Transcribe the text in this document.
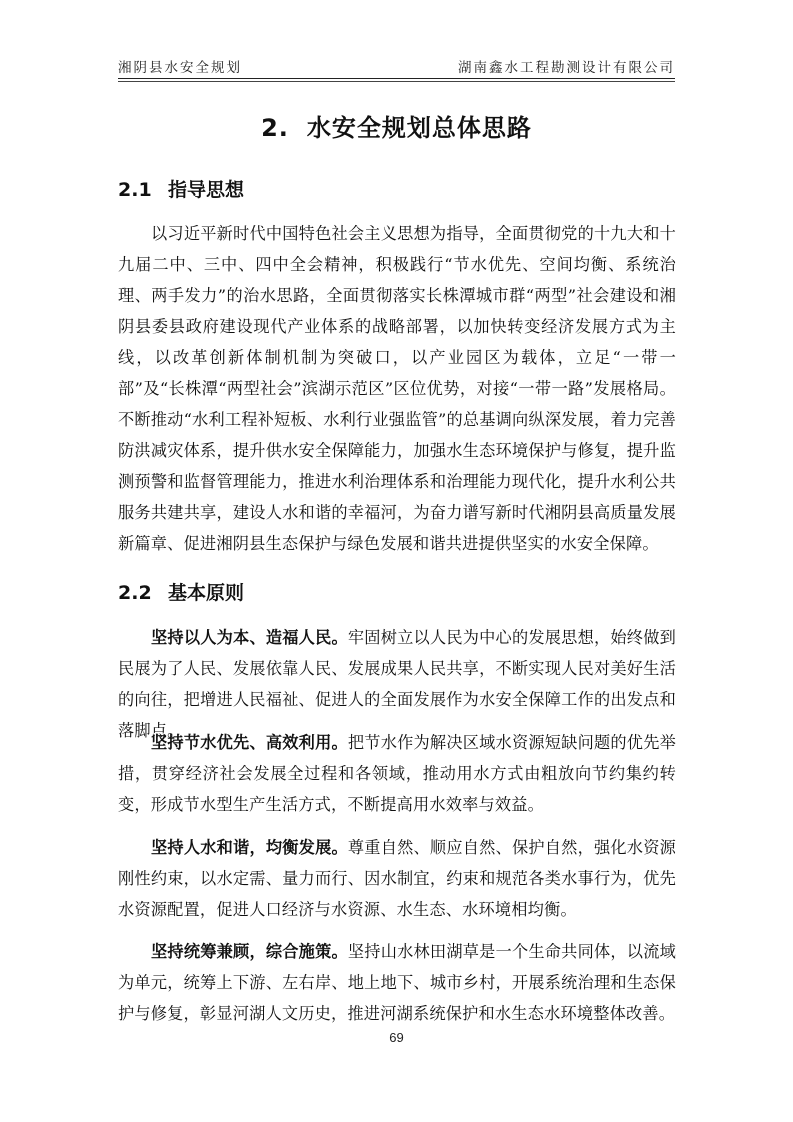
湘阴县水安全规划	湖南鑫水工程勘测设计有限公司
2. 水安全规划总体思路
2.1 指导思想
以习近平新时代中国特色社会主义思想为指导，全面贯彻党的十九大和十九届二中、三中、四中全会精神，积极践行“节水优先、空间均衡、系统治理、两手发力”的治水思路，全面贯彻落实长株潭城市群“两型”社会建设和湘阴县委县政府建设现代产业体系的战略部署，以加快转变经济发展方式为主线，以改革创新体制机制为突破口，以产业园区为载体，立足“一带一部”及“长株潭“两型社会”滨湖示范区”区位优势，对接“一带一路”发展格局。不断推动“水利工程补短板、水利行业强监管”的总基调向纵深发展，着力完善防洪减灾体系，提升供水安全保障能力，加强水生态环境保护与修复，提升监测预警和监督管理能力，推进水利治理体系和治理能力现代化，提升水利公共服务共建共享，建设人水和谐的幸福河，为奋力谱写新时代湘阴县高质量发展新篇章、促进湘阴县生态保护与绿色发展和谐共进提供坚实的水安全保障。
2.2 基本原则
坚持以人为本、造福人民。牢固树立以人民为中心的发展思想，始终做到民展为了人民、发展依靠人民、发展成果人民共享，不断实现人民对美好生活的向往，把增进人民福祉、促进人的全面发展作为水安全保障工作的出发点和落脚点。
坚持节水优先、高效利用。把节水作为解决区域水资源短缺问题的优先举措，贯穿经济社会发展全过程和各领域，推动用水方式由粗放向节约集约转变，形成节水型生产生活方式，不断提高用水效率与效益。
坚持人水和谐，均衡发展。尊重自然、顺应自然、保护自然，强化水资源刚性约束，以水定需、量力而行、因水制宜，约束和规范各类水事行为，优先水资源配置，促进人口经济与水资源、水生态、水环境相均衡。
坚持统筹兼顾，综合施策。坚持山水林田湖草是一个生命共同体，以流域为单元，统筹上下游、左右岸、地上地下、城市乡村，开展系统治理和生态保护与修复，彰显河湖人文历史，推进河湖系统保护和水生态水环境整体改善。
69
